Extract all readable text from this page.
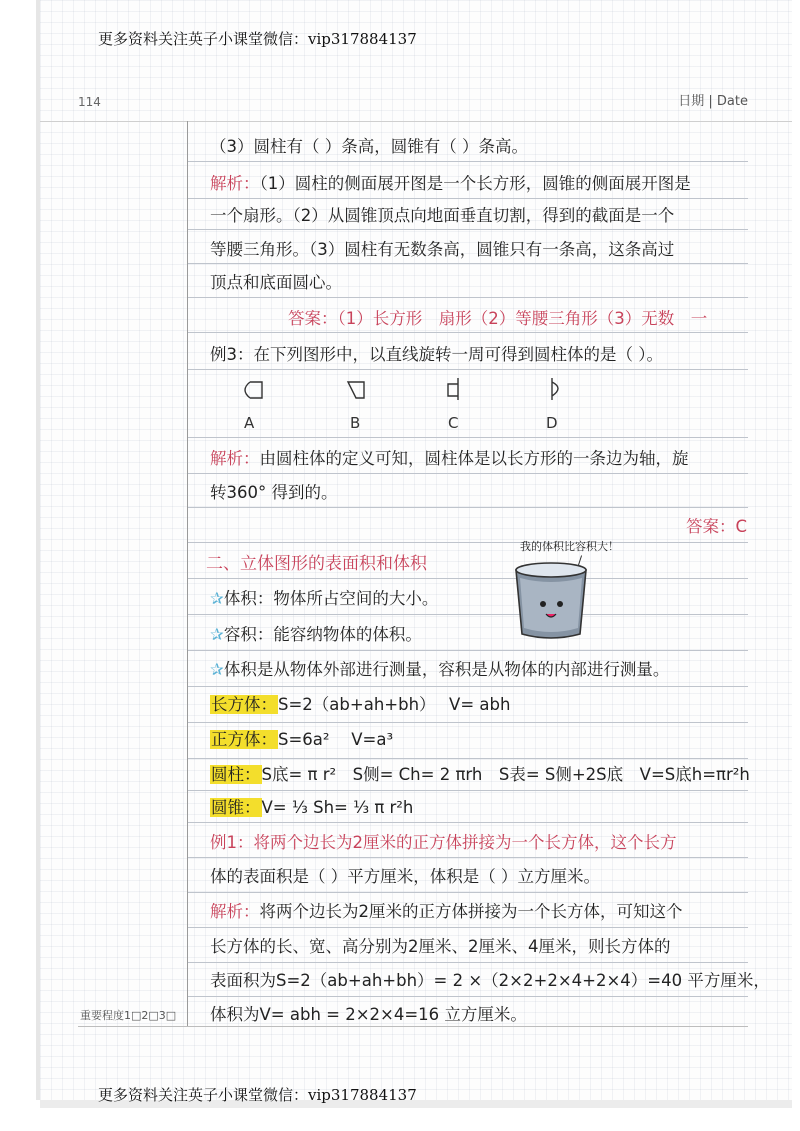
更多资料关注英子小课堂微信：vip317884137
更多资料关注英子小课堂微信：vip317884137
114	日期 | Date
重要程度1□2□3□
（3）圆柱有（ ）条高，圆锥有（ ）条高。
解析：（1）圆柱的侧面展开图是一个长方形，圆锥的侧面展开图是
一个扇形。（2）从圆锥顶点向地面垂直切割，得到的截面是一个
等腰三角形。（3）圆柱有无数条高，圆锥只有一条高，这条高过
顶点和底面圆心。
答案：（1）长方形　扇形（2）等腰三角形（3）无数　一
例3：在下列图形中，以直线旋转一周可得到圆柱体的是（ ）。
A	B	C	D
解析：由圆柱体的定义可知，圆柱体是以长方形的一条边为轴，旋
转360° 得到的。
答案：C
二、立体图形的表面积和体积
我的体积比容积大！
✰体积：物体所占空间的大小。
✰容积：能容纳物体的体积。
✰体积是从物体外部进行测量，容积是从物体的内部进行测量。
长方体：S=2（ab+ah+bh）　 V= abh
正方体：S=6a²　 V=a³
圆柱：S底= π r²　S侧= Ch= 2 πrh　S表= S侧+2S底　V=S底h=πr²h
圆锥：V= ⅓ Sh= ⅓ π r²h
例1：将两个边长为2厘米的正方体拼接为一个长方体，这个长方
体的表面积是（ ）平方厘米，体积是（ ）立方厘米。
解析：将两个边长为2厘米的正方体拼接为一个长方体，可知这个
长方体的长、宽、高分别为2厘米、2厘米、4厘米，则长方体的
表面积为S=2（ab+ah+bh）= 2 ×（2×2+2×4+2×4）=40 平方厘米，
体积为V= abh = 2×2×4=16 立方厘米。
